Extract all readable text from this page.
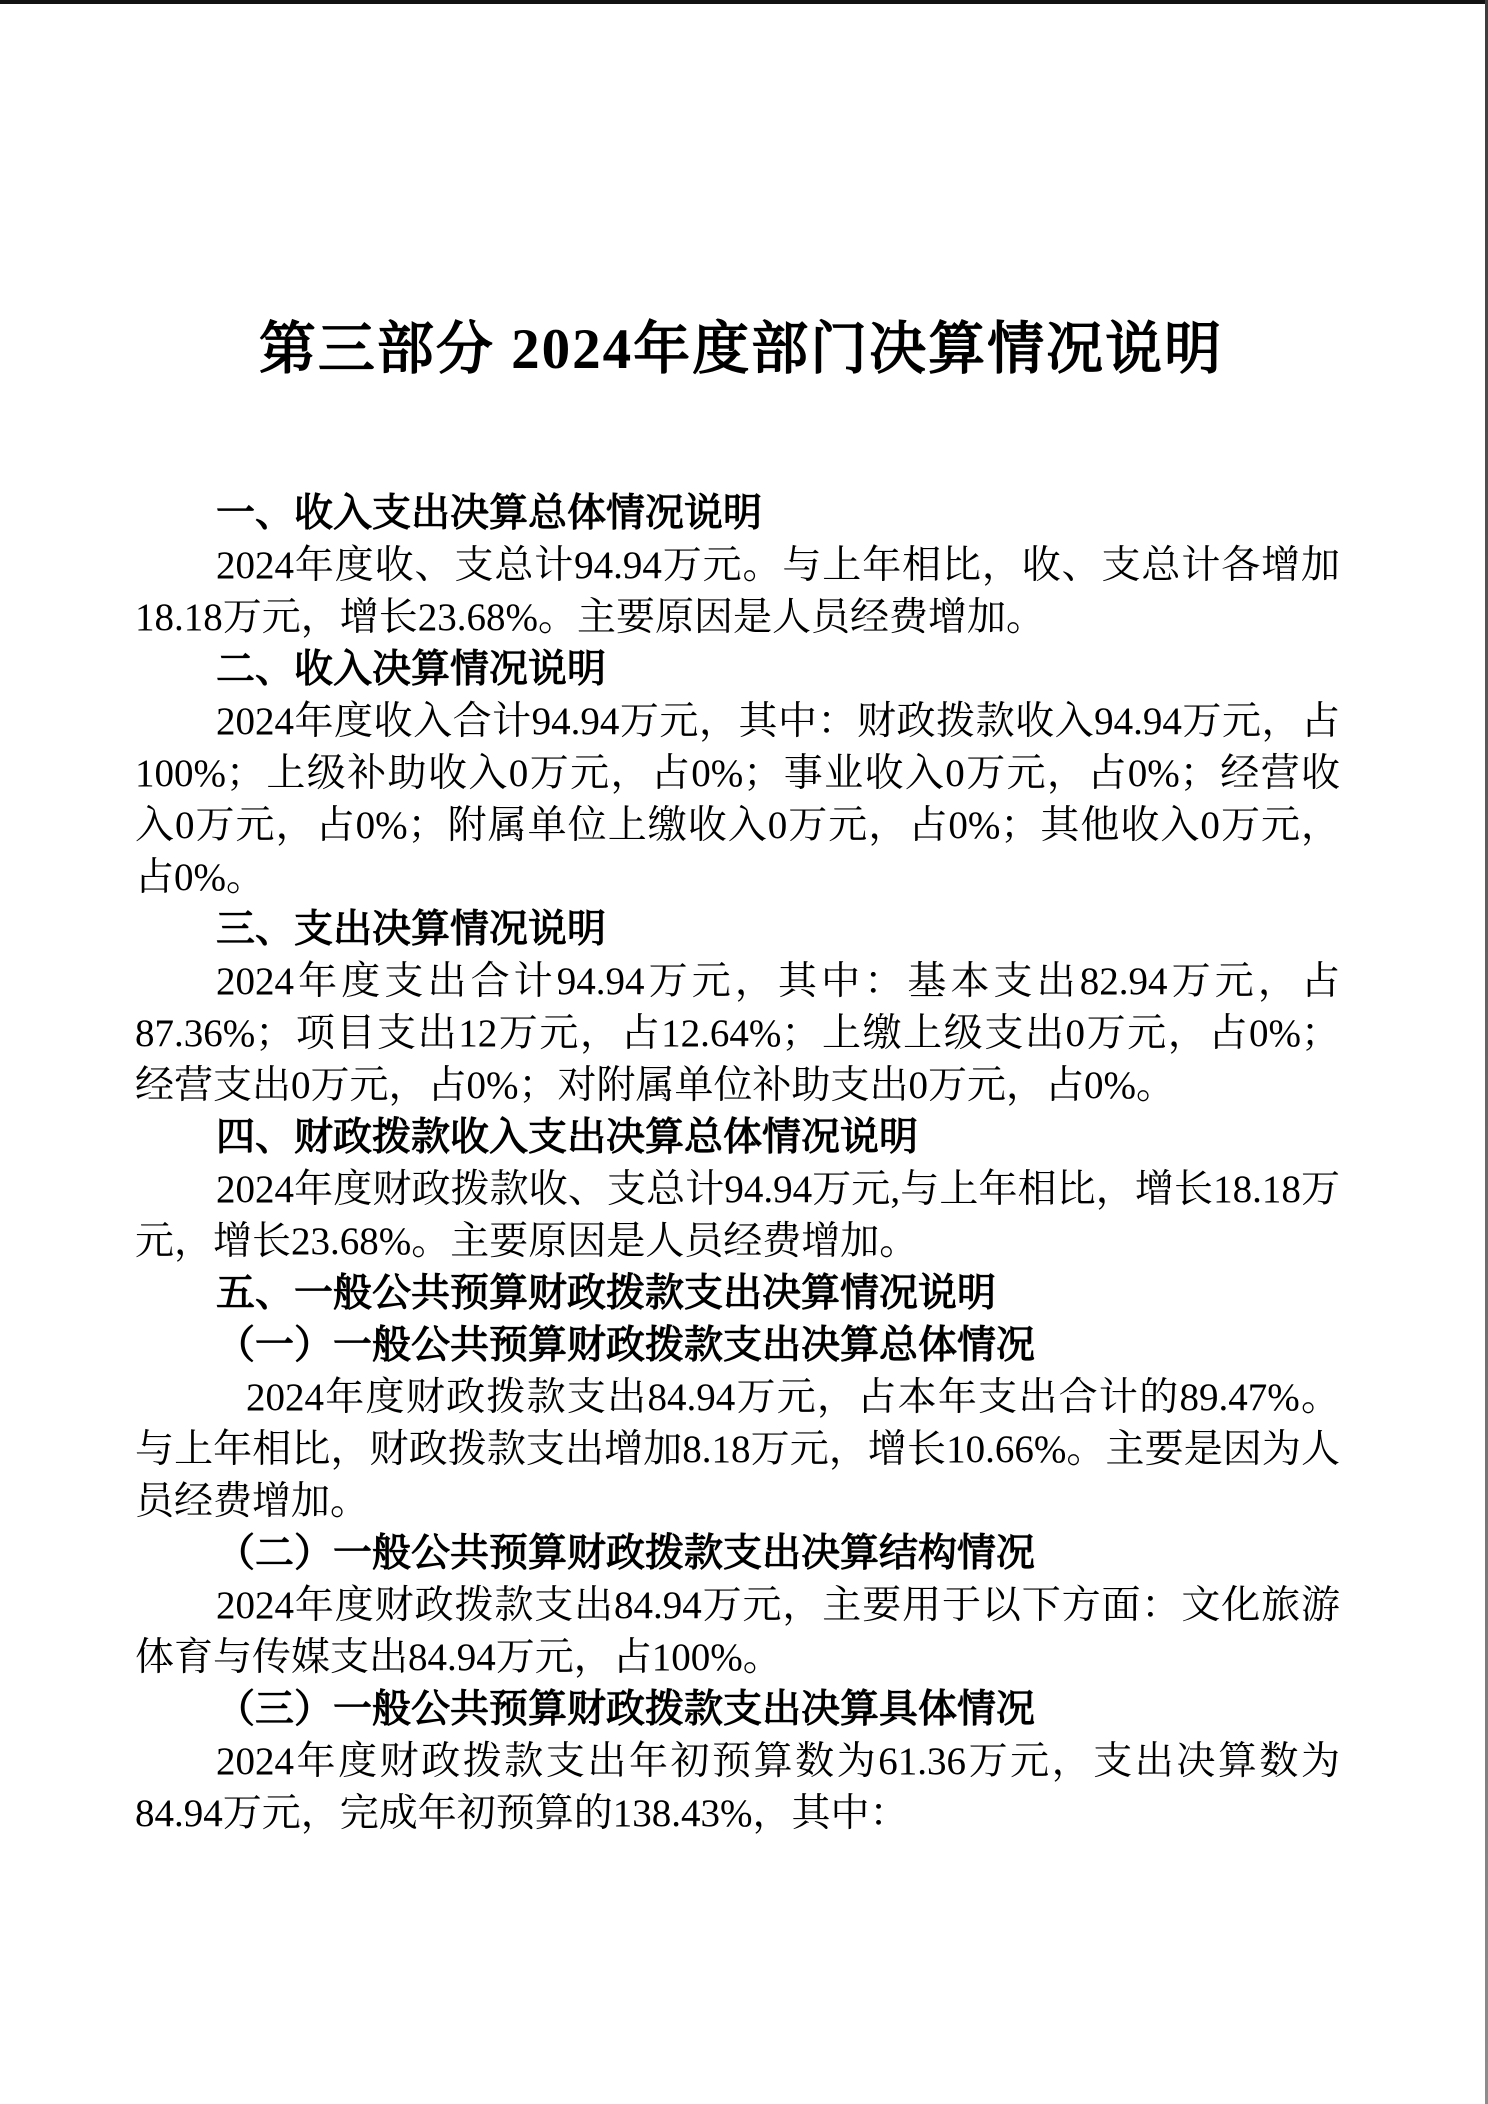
第三部分 2024年度部门决算情况说明
一、收入支出决算总体情况说明

2024年度收、支总计94.94万元。与上年相比，收、支总计各增加18.18万元，增长23.68%。主要原因是人员经费增加。

二、收入决算情况说明

2024年度收入合计94.94万元，其中：财政拨款收入94.94万元，占100%；上级补助收入0万元，占0%；事业收入0万元，占0%；经营收入0万元，占0%；附属单位上缴收入0万元，占0%；其他收入0万元，占0%。

三、支出决算情况说明

2024年度支出合计94.94万元，其中：基本支出82.94万元，占87.36%；项目支出12万元，占12.64%；上缴上级支出0万元，占0%；经营支出0万元，占0%；对附属单位补助支出0万元，占0%。

四、财政拨款收入支出决算总体情况说明

2024年度财政拨款收、支总计94.94万元,与上年相比，增长18.18万元，增长23.68%。主要原因是人员经费增加。

五、一般公共预算财政拨款支出决算情况说明
（一）一般公共预算财政拨款支出决算总体情况

2024年度财政拨款支出84.94万元，占本年支出合计的89.47%。与上年相比，财政拨款支出增加8.18万元，增长10.66%。主要是因为人员经费增加。

（二）一般公共预算财政拨款支出决算结构情况

2024年度财政拨款支出84.94万元，主要用于以下方面：文化旅游体育与传媒支出84.94万元，占100%。

（三）一般公共预算财政拨款支出决算具体情况

2024年度财政拨款支出年初预算数为61.36万元，支出决算数为84.94万元，完成年初预算的138.43%，其中：
